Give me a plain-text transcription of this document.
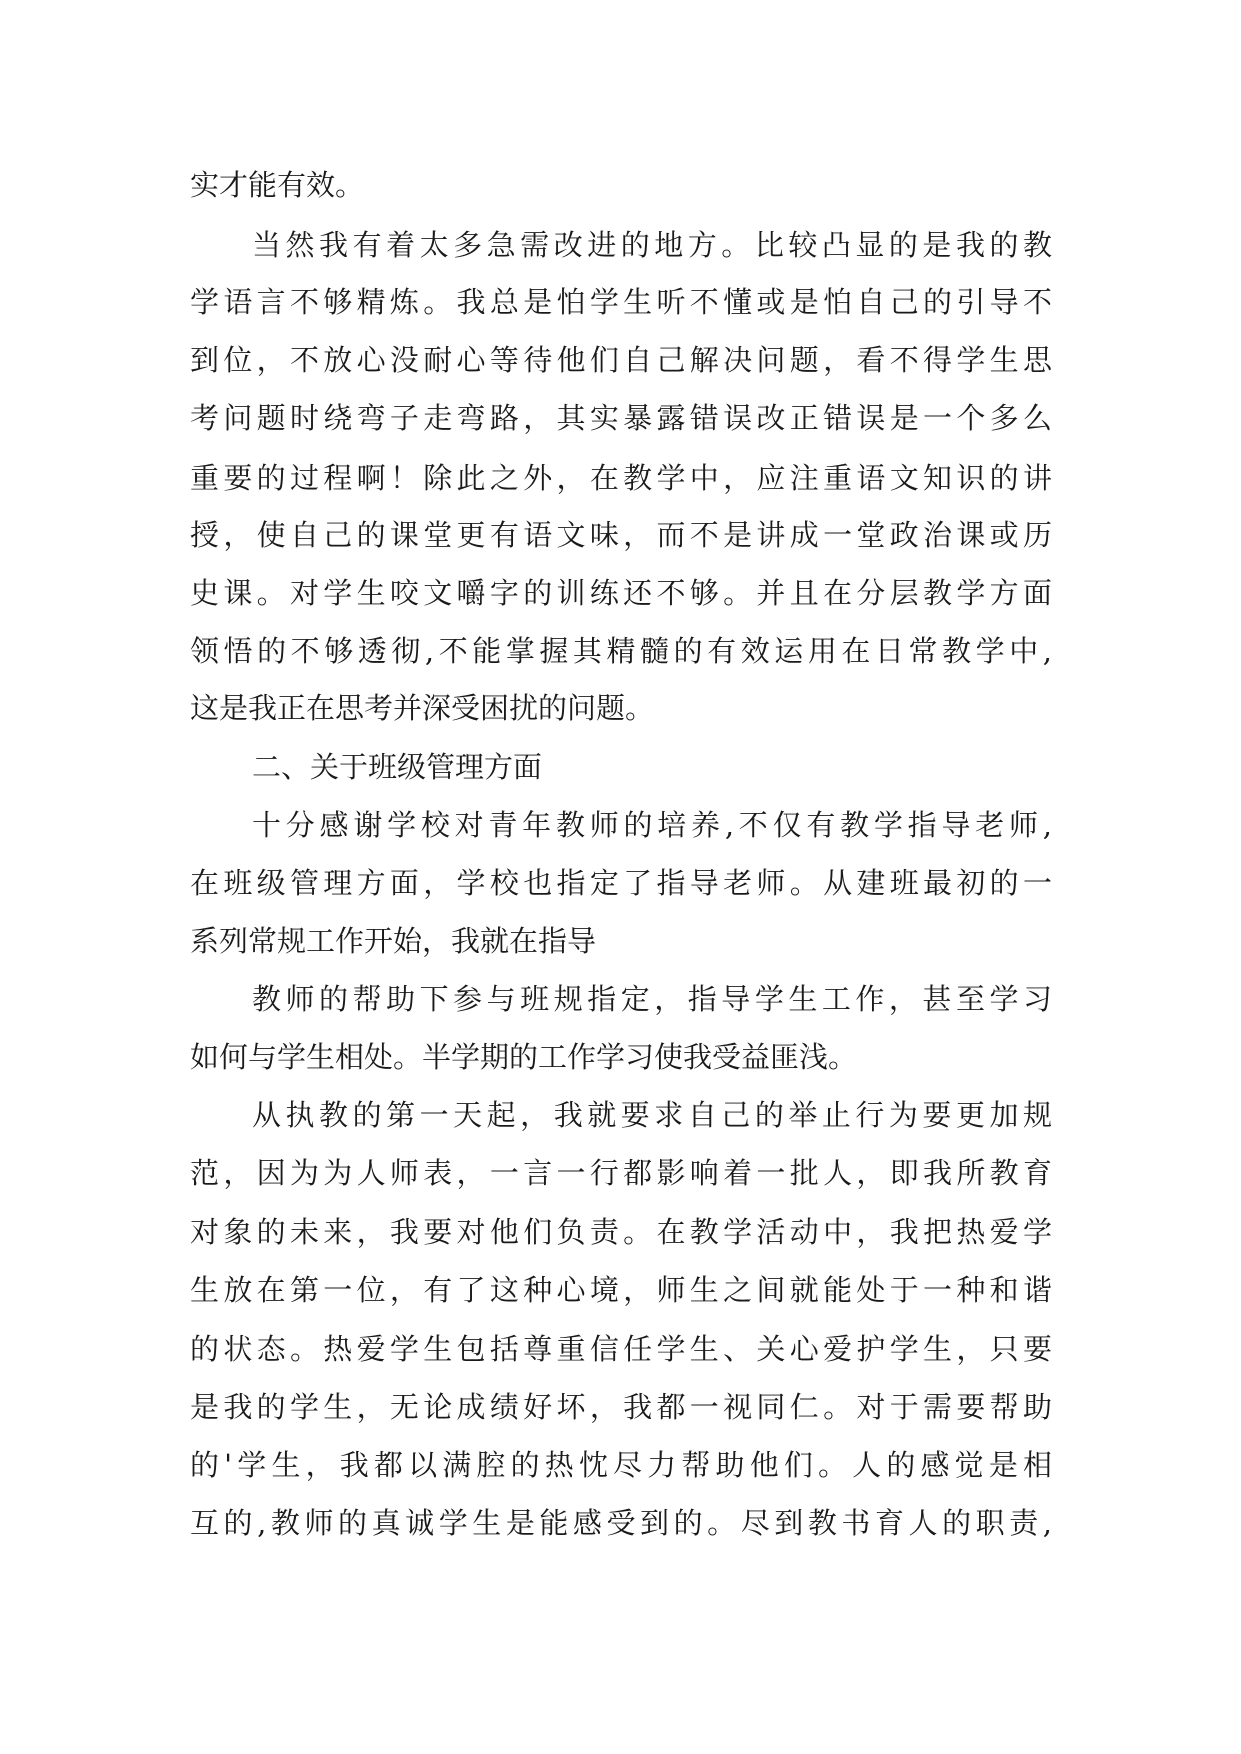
实才能有效。
当然我有着太多急需改进的地方。比较凸显的是我的教
学语言不够精炼。我总是怕学生听不懂或是怕自己的引导不
到位，不放心没耐心等待他们自己解决问题，看不得学生思
考问题时绕弯子走弯路，其实暴露错误改正错误是一个多么
重要的过程啊！除此之外，在教学中，应注重语文知识的讲
授，使自己的课堂更有语文味，而不是讲成一堂政治课或历
史课。对学生咬文嚼字的训练还不够。并且在分层教学方面
领悟的不够透彻,不能掌握其精髓的有效运用在日常教学中,
这是我正在思考并深受困扰的问题。
二、关于班级管理方面
十分感谢学校对青年教师的培养,不仅有教学指导老师,
在班级管理方面，学校也指定了指导老师。从建班最初的一
系列常规工作开始，我就在指导
教师的帮助下参与班规指定，指导学生工作，甚至学习
如何与学生相处。半学期的工作学习使我受益匪浅。
从执教的第一天起，我就要求自己的举止行为要更加规
范，因为为人师表，一言一行都影响着一批人，即我所教育
对象的未来，我要对他们负责。在教学活动中，我把热爱学
生放在第一位，有了这种心境，师生之间就能处于一种和谐
的状态。热爱学生包括尊重信任学生、关心爱护学生，只要
是我的学生，无论成绩好坏，我都一视同仁。对于需要帮助
的'学生，我都以满腔的热忱尽力帮助他们。人的感觉是相
互的,教师的真诚学生是能感受到的。尽到教书育人的职责,
